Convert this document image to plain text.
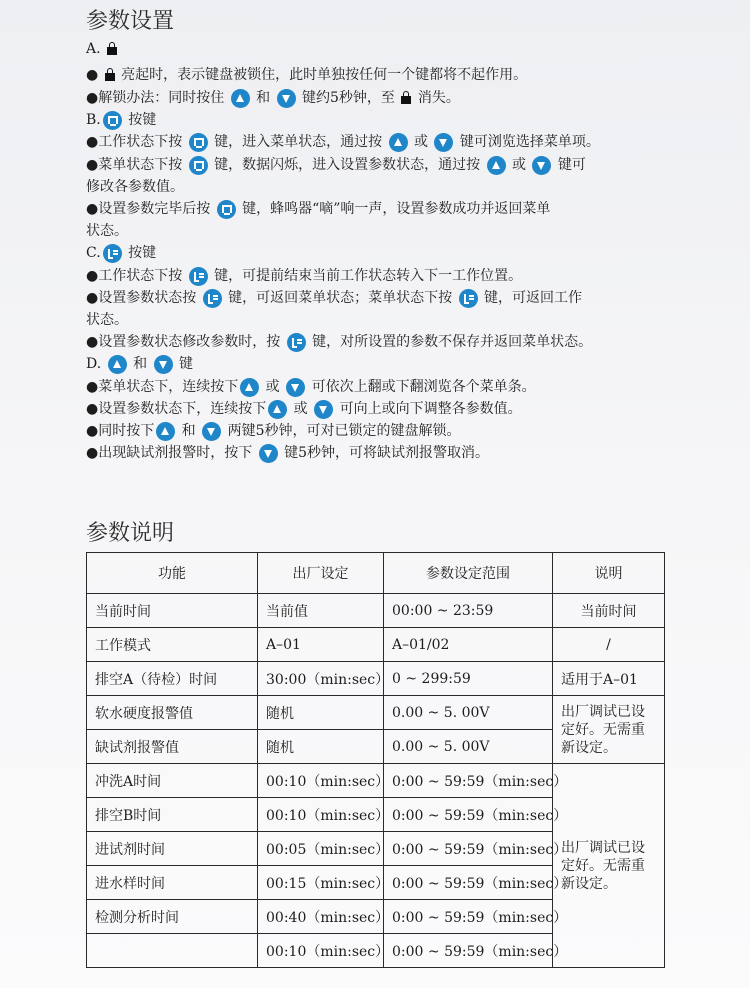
参数设置
A.
●  亮起时，表示键盘被锁住，此时单独按任何一个键都将不起作用。
●解锁办法：同时按住  和  键约5秒钟，至  消失。
B. 按键
●工作状态下按  键，进入菜单状态，通过按  或  键可浏览选择菜单项。
●菜单状态下按  键，数据闪烁，进入设置参数状态，通过按  或  键可
修改各参数值。
●设置参数完毕后按  键，蜂鸣器“嘀”响一声，设置参数成功并返回菜单
状态。
C. 按键
●工作状态下按  键，可提前结束当前工作状态转入下一工作位置。
●设置参数状态按  键，可返回菜单状态；菜单状态下按  键，可返回工作
状态。
●设置参数状态修改参数时，按  键，对所设置的参数不保存并返回菜单状态。
D.  和  键
●菜单状态下，连续按下 或  可依次上翻或下翻浏览各个菜单条。
●设置参数状态下，连续按下 或  可向上或向下调整各参数值。
●同时按下 和  两键5秒钟，可对已锁定的键盘解锁。
●出现缺试剂报警时，按下  键5秒钟，可将缺试剂报警取消。
参数说明
功能	出厂设定	参数设定范围	说明
当前时间	当前值	00:00 ~ 23:59	当前时间
工作模式	A–01	A–01/02	/
排空A（待检）时间	30:00（min:sec）	0 ~ 299:59	适用于A–01
软水硬度报警值	随机	0.00 ~ 5. 00V	出厂调试已设定好。无需重新设定。
缺试剂报警值	随机	0.00 ~ 5. 00V	
冲洗A时间	00:10（min:sec）	0:00 ~ 59:59（min:sec）	出厂调试已设定好。无需重新设定。
排空B时间	00:10（min:sec）	0:00 ~ 59:59（min:sec）	
进试剂时间	00:05（min:sec）	0:00 ~ 59:59（min:sec）	
进水样时间	00:15（min:sec）	0:00 ~ 59:59（min:sec）	
检测分析时间	00:40（min:sec）	0:00 ~ 59:59（min:sec）	
	00:10（min:sec）	0:00 ~ 59:59（min:sec）	
